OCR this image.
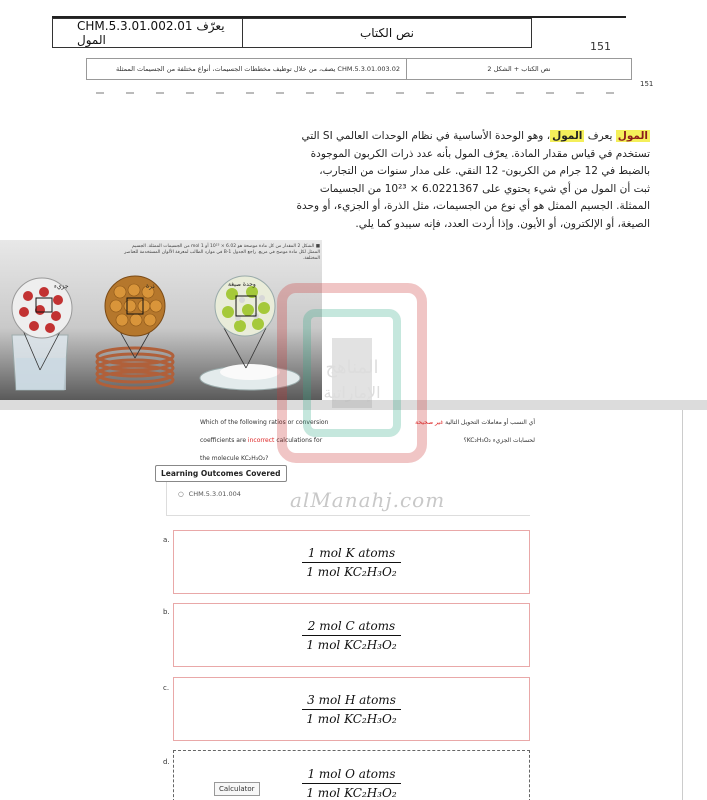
CHM.5.3.01.002.01 يعرّف المول	نص الكتاب
151
CHM.5.3.01.003.02 يصف، من خلال توظيف مخططات الجسيمات، أنواع مختلفة من الجسيمات الممثلة	نص الكتاب + الشكل 2
151
المول يعرف المول، وهو الوحدة الأساسية في نظام الوحدات العالمي SI التي
تستخدم في قياس مقدار المادة. يعرّف المول بأنه عدد ذرات الكربون الموجودة
بالضبط في 12 جرام من الكربون- 12 النقي. على مدار سنوات من التجارب،
ثبت أن المول من أي شيء يحتوي على 6.0221367 × 10²³ من الجسيمات
الممثلة. الجسيم الممثل هو أي نوع من الجسيمات، مثل الذرة، أو الجزيء، أو وحدة
الصيغة، أو الإلكترون، أو الأيون. وإذا أردت العدد، فإنه سيبدو كما يلي.
■ الشكل 2 المقدار من كل مادة موضحة هو 6.02 × 10²³ أو 1 mol من الجسيمات الممثلة. الجسيم الممثل لكل مادة موضح في مربع. راجع الجدول B-1 في موارد الطالب لمعرفة الألوان المستخدمة للعناصر المختلفة.
جزيء	ذرة	وحدة صيغة
Which of the following ratios or conversion
coefficients are incorrect calculations for
the molecule KC₂H₃O₂?
أي النسب أو معاملات التحويل التالية غير صحيحة
لحسابات الجزيء KC₂H₃O₂؟
Learning Outcomes Covered
○ CHM.5.3.01.004
a.
$\frac{\text{1 mol K atoms}}{\text{1 mol KC₂H₃O₂}}$
b.
$\frac{\text{2 mol C atoms}}{\text{1 mol KC₂H₃O₂}}$
c.
$\frac{\text{3 mol H atoms}}{\text{1 mol KC₂H₃O₂}}$
d.
$\frac{\text{1 mol O atoms}}{\text{1 mol KC₂H₃O₂}}$
Calculator
المناهج
الإماراتية
alManahj.com
